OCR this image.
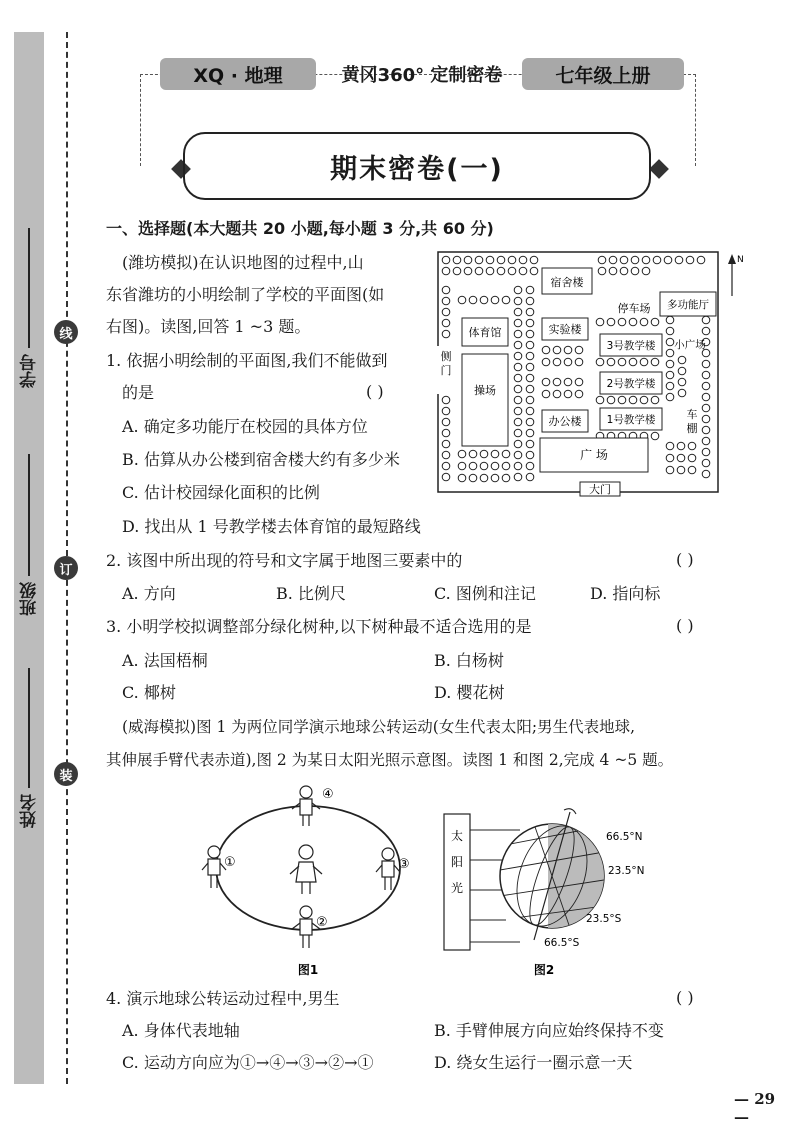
线
订
装
学号
班级
姓名
XQ · 地理	黄冈360° 定制密卷	七年级上册
期末密卷(一)
一、选择题(本大题共 20 小题,每小题 3 分,共 60 分)
(潍坊模拟)在认识地图的过程中,山
东省潍坊的小明绘制了学校的平面图(如
右图)。读图,回答 1 ~3 题。
1. 依据小明绘制的平面图,我们不能做到
的是	( )
A. 确定多功能厅在校园的具体方位
B. 估算从办公楼到宿舍楼大约有多少米
C. 估计校园绿化面积的比例
D. 找出从 1 号教学楼去体育馆的最短路线
2. 该图中所出现的符号和文字属于地图三要素中的	( )
A. 方向	B. 比例尺	C. 图例和注记	D. 指向标
3. 小明学校拟调整部分绿化树种,以下树种最不适合选用的是	( )
A. 法国梧桐	B. 白杨树
C. 椰树	D. 樱花树
(威海模拟)图 1 为两位同学演示地球公转运动(女生代表太阳;男生代表地球,
其伸展手臂代表赤道),图 2 为某日太阳光照示意图。读图 1 和图 2,完成 4 ~5 题。
4. 演示地球公转运动过程中,男生	( )
A. 身体代表地轴	B. 手臂伸展方向应始终保持不变
C. 运动方向应为①→④→③→②→①	D. 绕女生运行一圈示意一天
— 29 —
宿舍楼
停车场 多功能厅
体育馆	实验楼
3号教学楼 小广场
2号教学楼
1号教学楼
办公楼
操场
广 场
侧
门
车
棚
大门
N
④
①	③
②
图1
太
阳
光
66.5°N
23.5°N
23.5°S
66.5°S
图2
